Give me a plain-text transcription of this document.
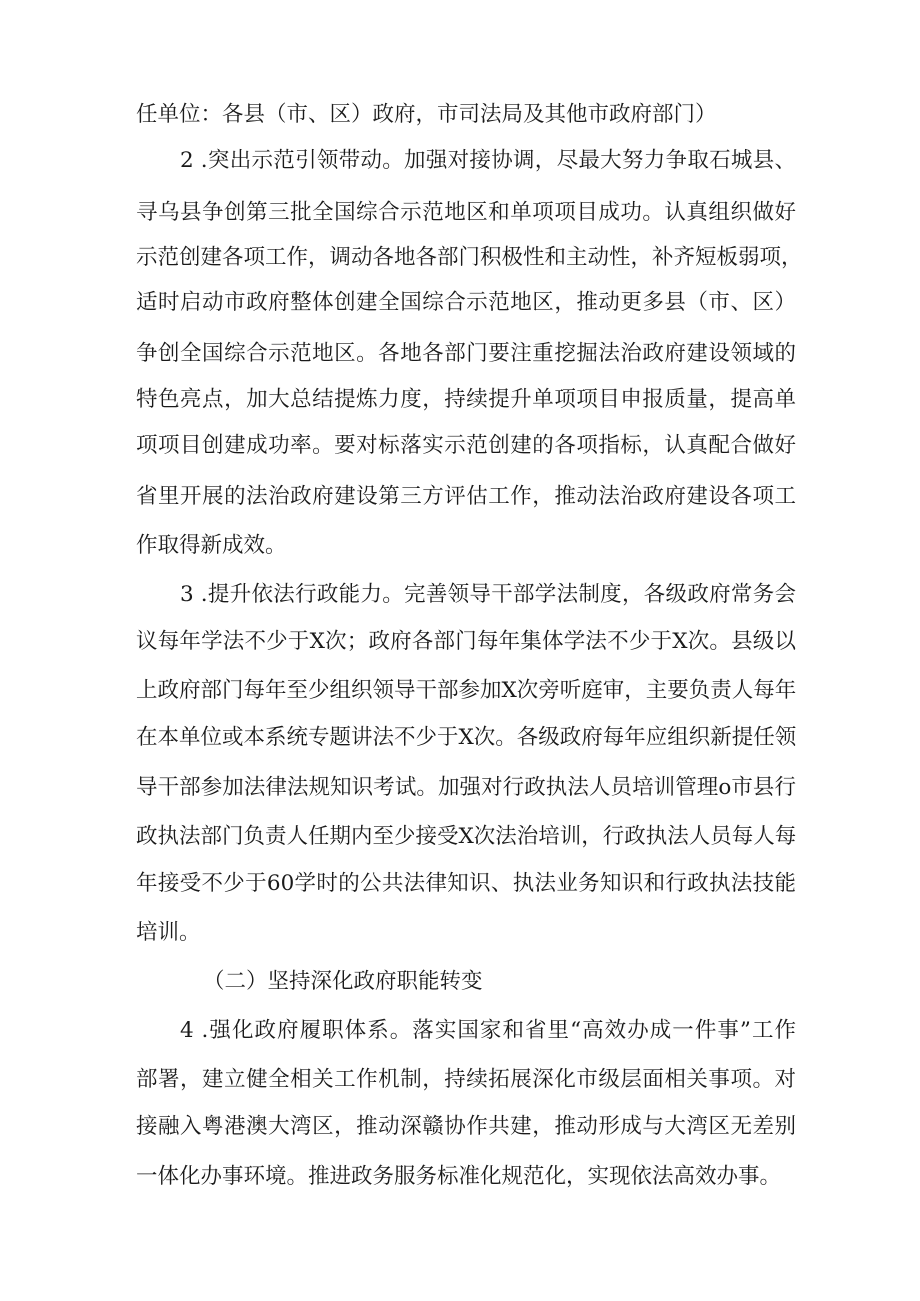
任单位：各县（市、区）政府，市司法局及其他市政府部门）
2 .突出示范引领带动。加强对接协调，尽最大努力争取石城县、
寻乌县争创第三批全国综合示范地区和单项项目成功。认真组织做好
示范创建各项工作，调动各地各部门积极性和主动性，补齐短板弱项，
适时启动市政府整体创建全国综合示范地区，推动更多县（市、区）
争创全国综合示范地区。各地各部门要注重挖掘法治政府建设领域的
特色亮点，加大总结提炼力度，持续提升单项项目申报质量，提高单
项项目创建成功率。要对标落实示范创建的各项指标，认真配合做好
省里开展的法治政府建设第三方评估工作，推动法治政府建设各项工
作取得新成效。
3 .提升依法行政能力。完善领导干部学法制度，各级政府常务会
议每年学法不少于X次；政府各部门每年集体学法不少于X次。县级以
上政府部门每年至少组织领导干部参加X次旁听庭审，主要负责人每年
在本单位或本系统专题讲法不少于X次。各级政府每年应组织新提任领
导干部参加法律法规知识考试。加强对行政执法人员培训管理o市县行
政执法部门负责人任期内至少接受X次法治培训，行政执法人员每人每
年接受不少于60学时的公共法律知识、执法业务知识和行政执法技能
培训。
（二）坚持深化政府职能转变
4 .强化政府履职体系。落实国家和省里“高效办成一件事”工作
部署，建立健全相关工作机制，持续拓展深化市级层面相关事项。对
接融入粤港澳大湾区，推动深赣协作共建，推动形成与大湾区无差别
一体化办事环境。推进政务服务标准化规范化，实现依法高效办事。
